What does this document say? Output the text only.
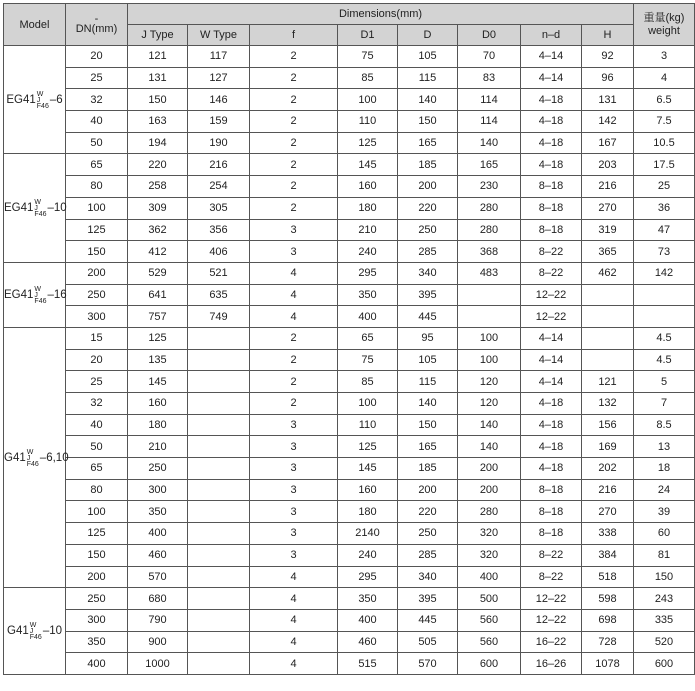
Model	-
DN(mm)	Dimensions(mm)								重量(kg)
weight
		J Type	W Type	f	D1	D	D0	n–d	H	

EG41 W
J
F46
–6	20	121	117	2	75	105	70	4–14	92	3
	25	131	127	2	85	115	83	4–14	96	4
	32	150	146	2	100	140	114	4–18	131	6.5
	40	163	159	2	110	150	114	4–18	142	7.5
	50	194	190	2	125	165	140	4–18	167	10.5

EG41 W
J
F46
–10	65	220	216	2	145	185	165	4–18	203	17.5
	80	258	254	2	160	200	230	8–18	216	25
	100	309	305	2	180	220	280	8–18	270	36
	125	362	356	3	210	250	280	8–18	319	47
	150	412	406	3	240	285	368	8–22	365	73

EG41 W
J
F46
–16	200	529	521	4	295	340	483	8–22	462	142
	250	641	635	4	350	395		12–22		
	300	757	749	4	400	445		12–22		

G41 W
J
F46
–6,10	15	125		2	65	95	100	4–14		4.5
	20	135		2	75	105	100	4–14		4.5
	25	145		2	85	115	120	4–14	121	5
	32	160		2	100	140	120	4–18	132	7
	40	180		3	110	150	140	4–18	156	8.5
	50	210		3	125	165	140	4–18	169	13
	65	250		3	145	185	200	4–18	202	18
	80	300		3	160	200	200	8–18	216	24
	100	350		3	180	220	280	8–18	270	39
	125	400		3	2140	250	320	8–18	338	60
	150	460		3	240	285	320	8–22	384	81
	200	570		4	295	340	400	8–22	518	150

G41 W
J
F46
–10	250	680		4	350	395	500	12–22	598	243
	300	790		4	400	445	560	12–22	698	335
	350	900		4	460	505	560	16–22	728	520
	400	1000		4	515	570	600	16–26	1078	600
